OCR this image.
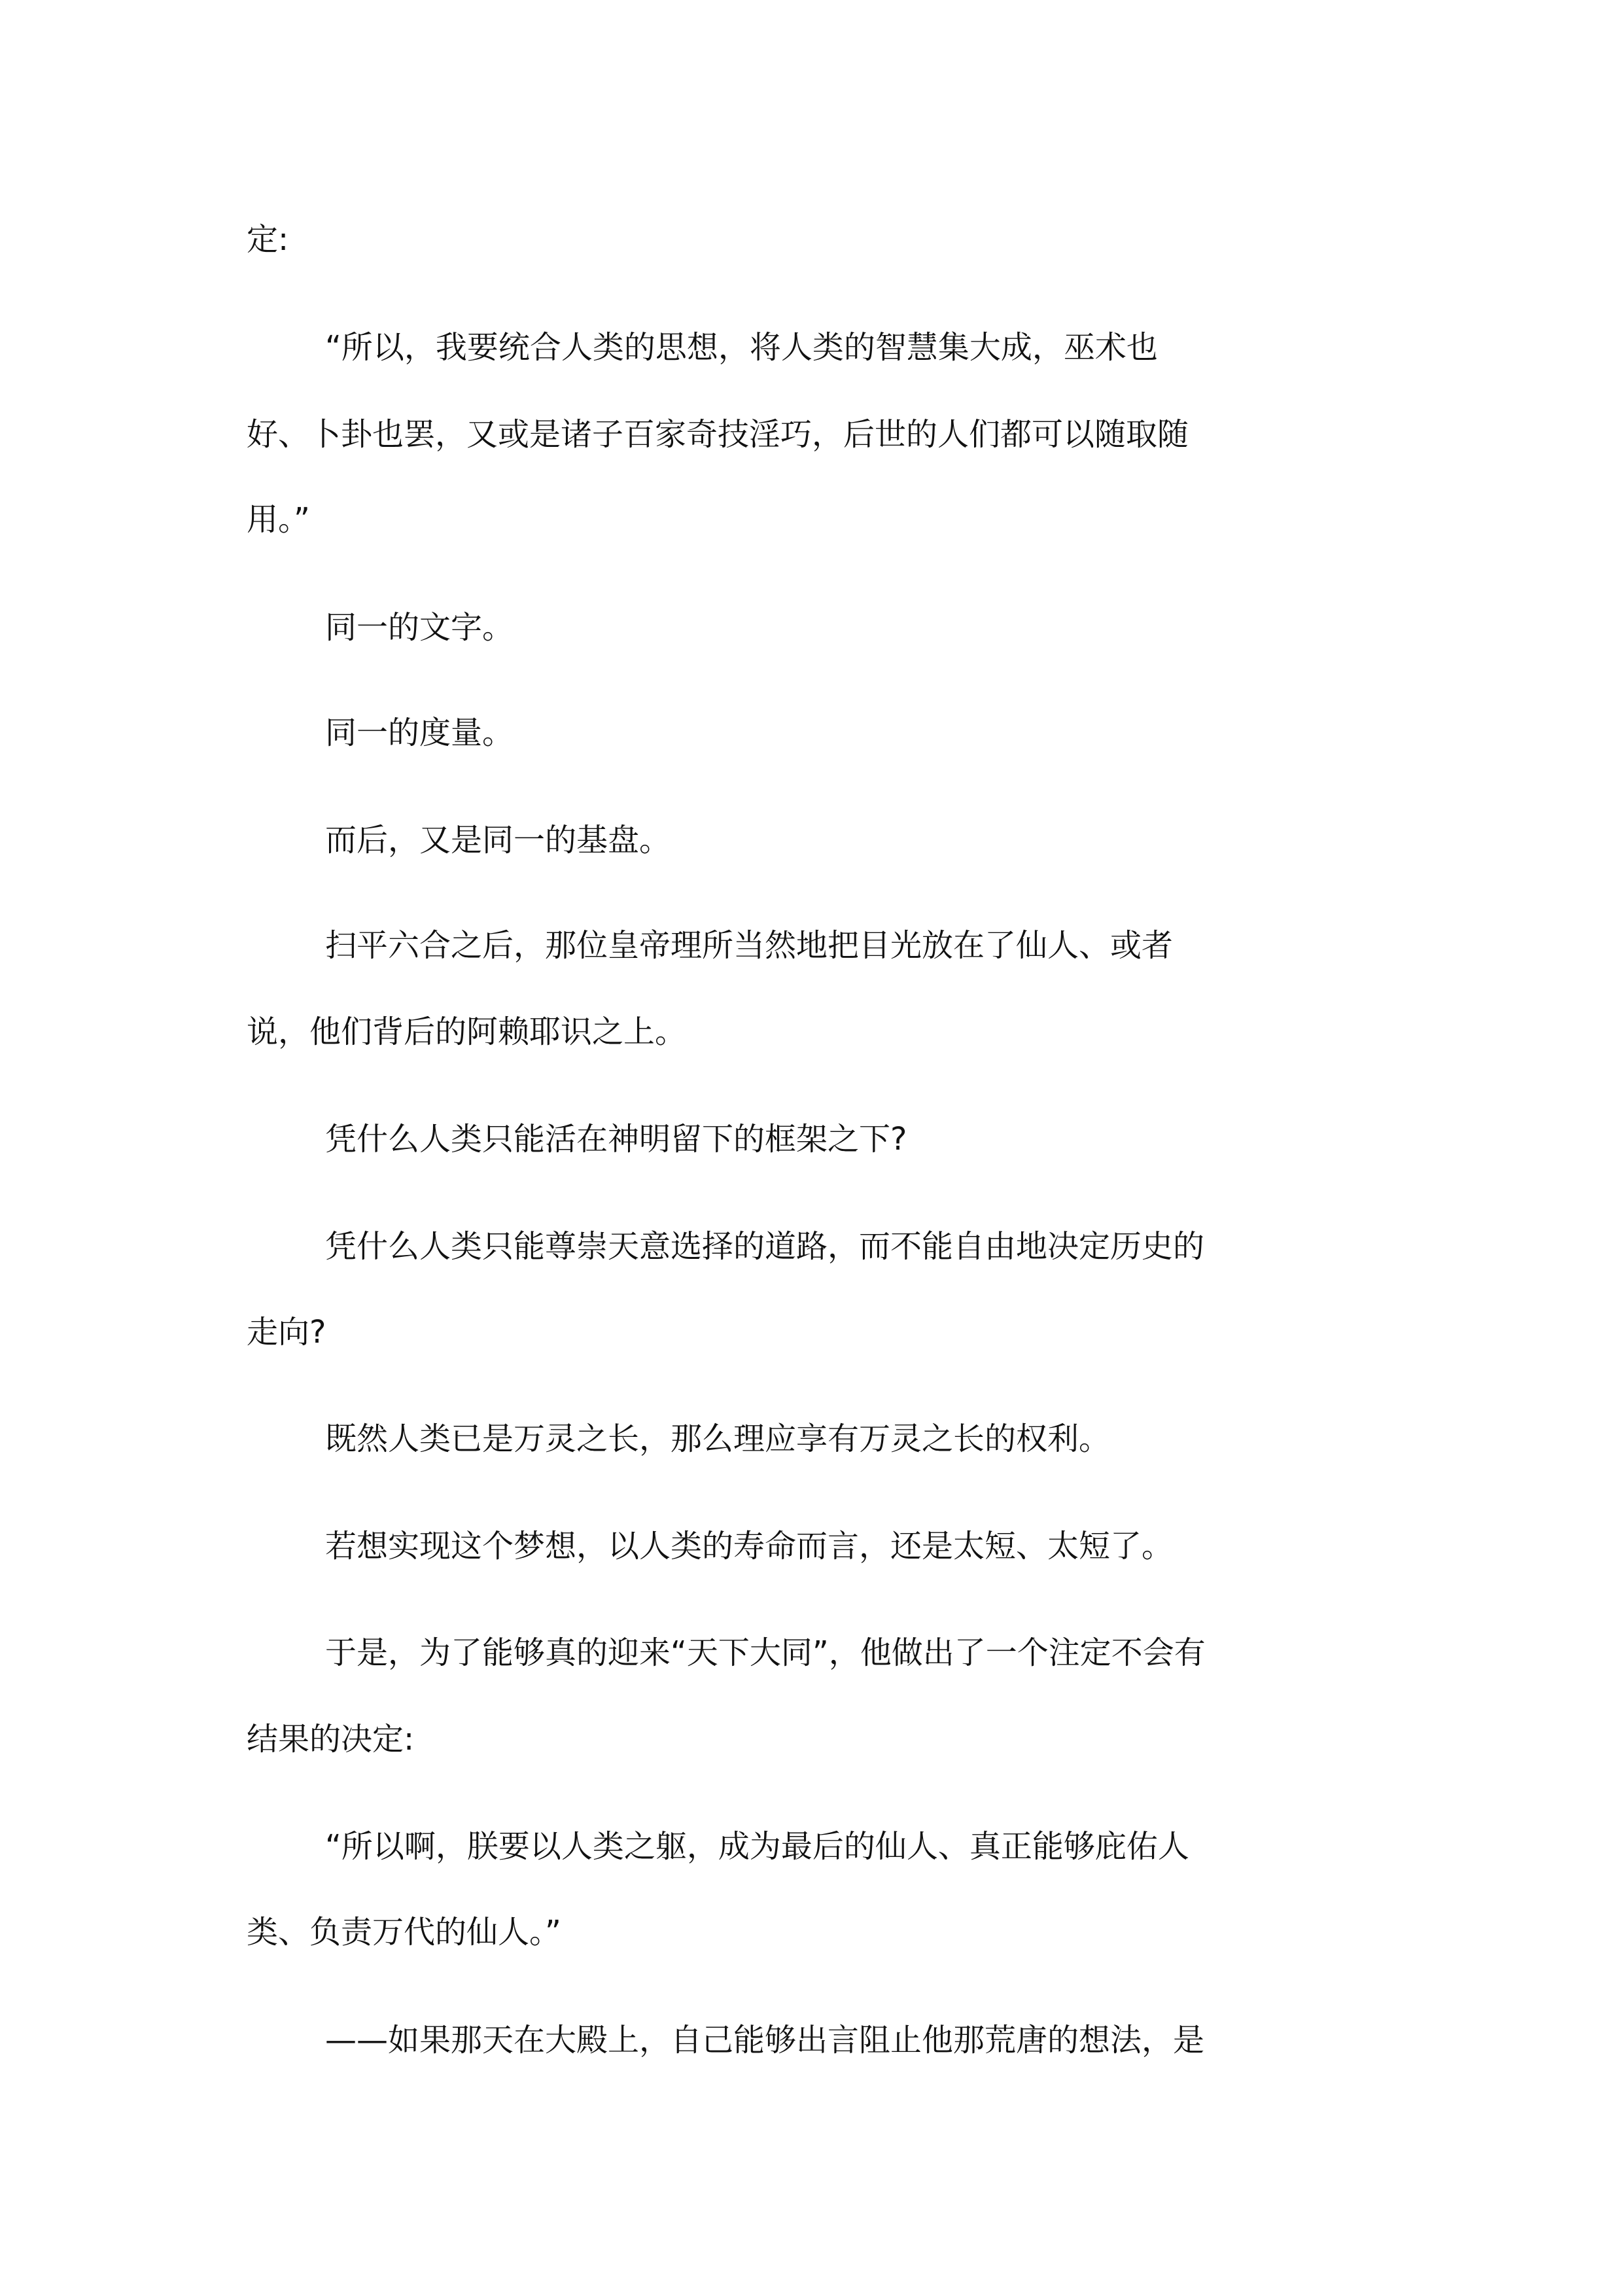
定:
“所以，我要统合人类的思想，将人类的智慧集大成，巫术也
好、卜卦也罢，又或是诸子百家奇技淫巧，后世的人们都可以随取随
用。”
同一的文字。
同一的度量。
而后，又是同一的基盘。
扫平六合之后，那位皇帝理所当然地把目光放在了仙人、或者
说，他们背后的阿赖耶识之上。
凭什么人类只能活在神明留下的框架之下?
凭什么人类只能尊崇天意选择的道路，而不能自由地决定历史的
走向?
既然人类已是万灵之长，那么理应享有万灵之长的权利。
若想实现这个梦想，以人类的寿命而言，还是太短、太短了。
于是，为了能够真的迎来“天下大同”，他做出了一个注定不会有
结果的决定:
“所以啊，朕要以人类之躯，成为最后的仙人、真正能够庇佑人
类、负责万代的仙人。”
——如果那天在大殿上，自己能够出言阻止他那荒唐的想法，是
